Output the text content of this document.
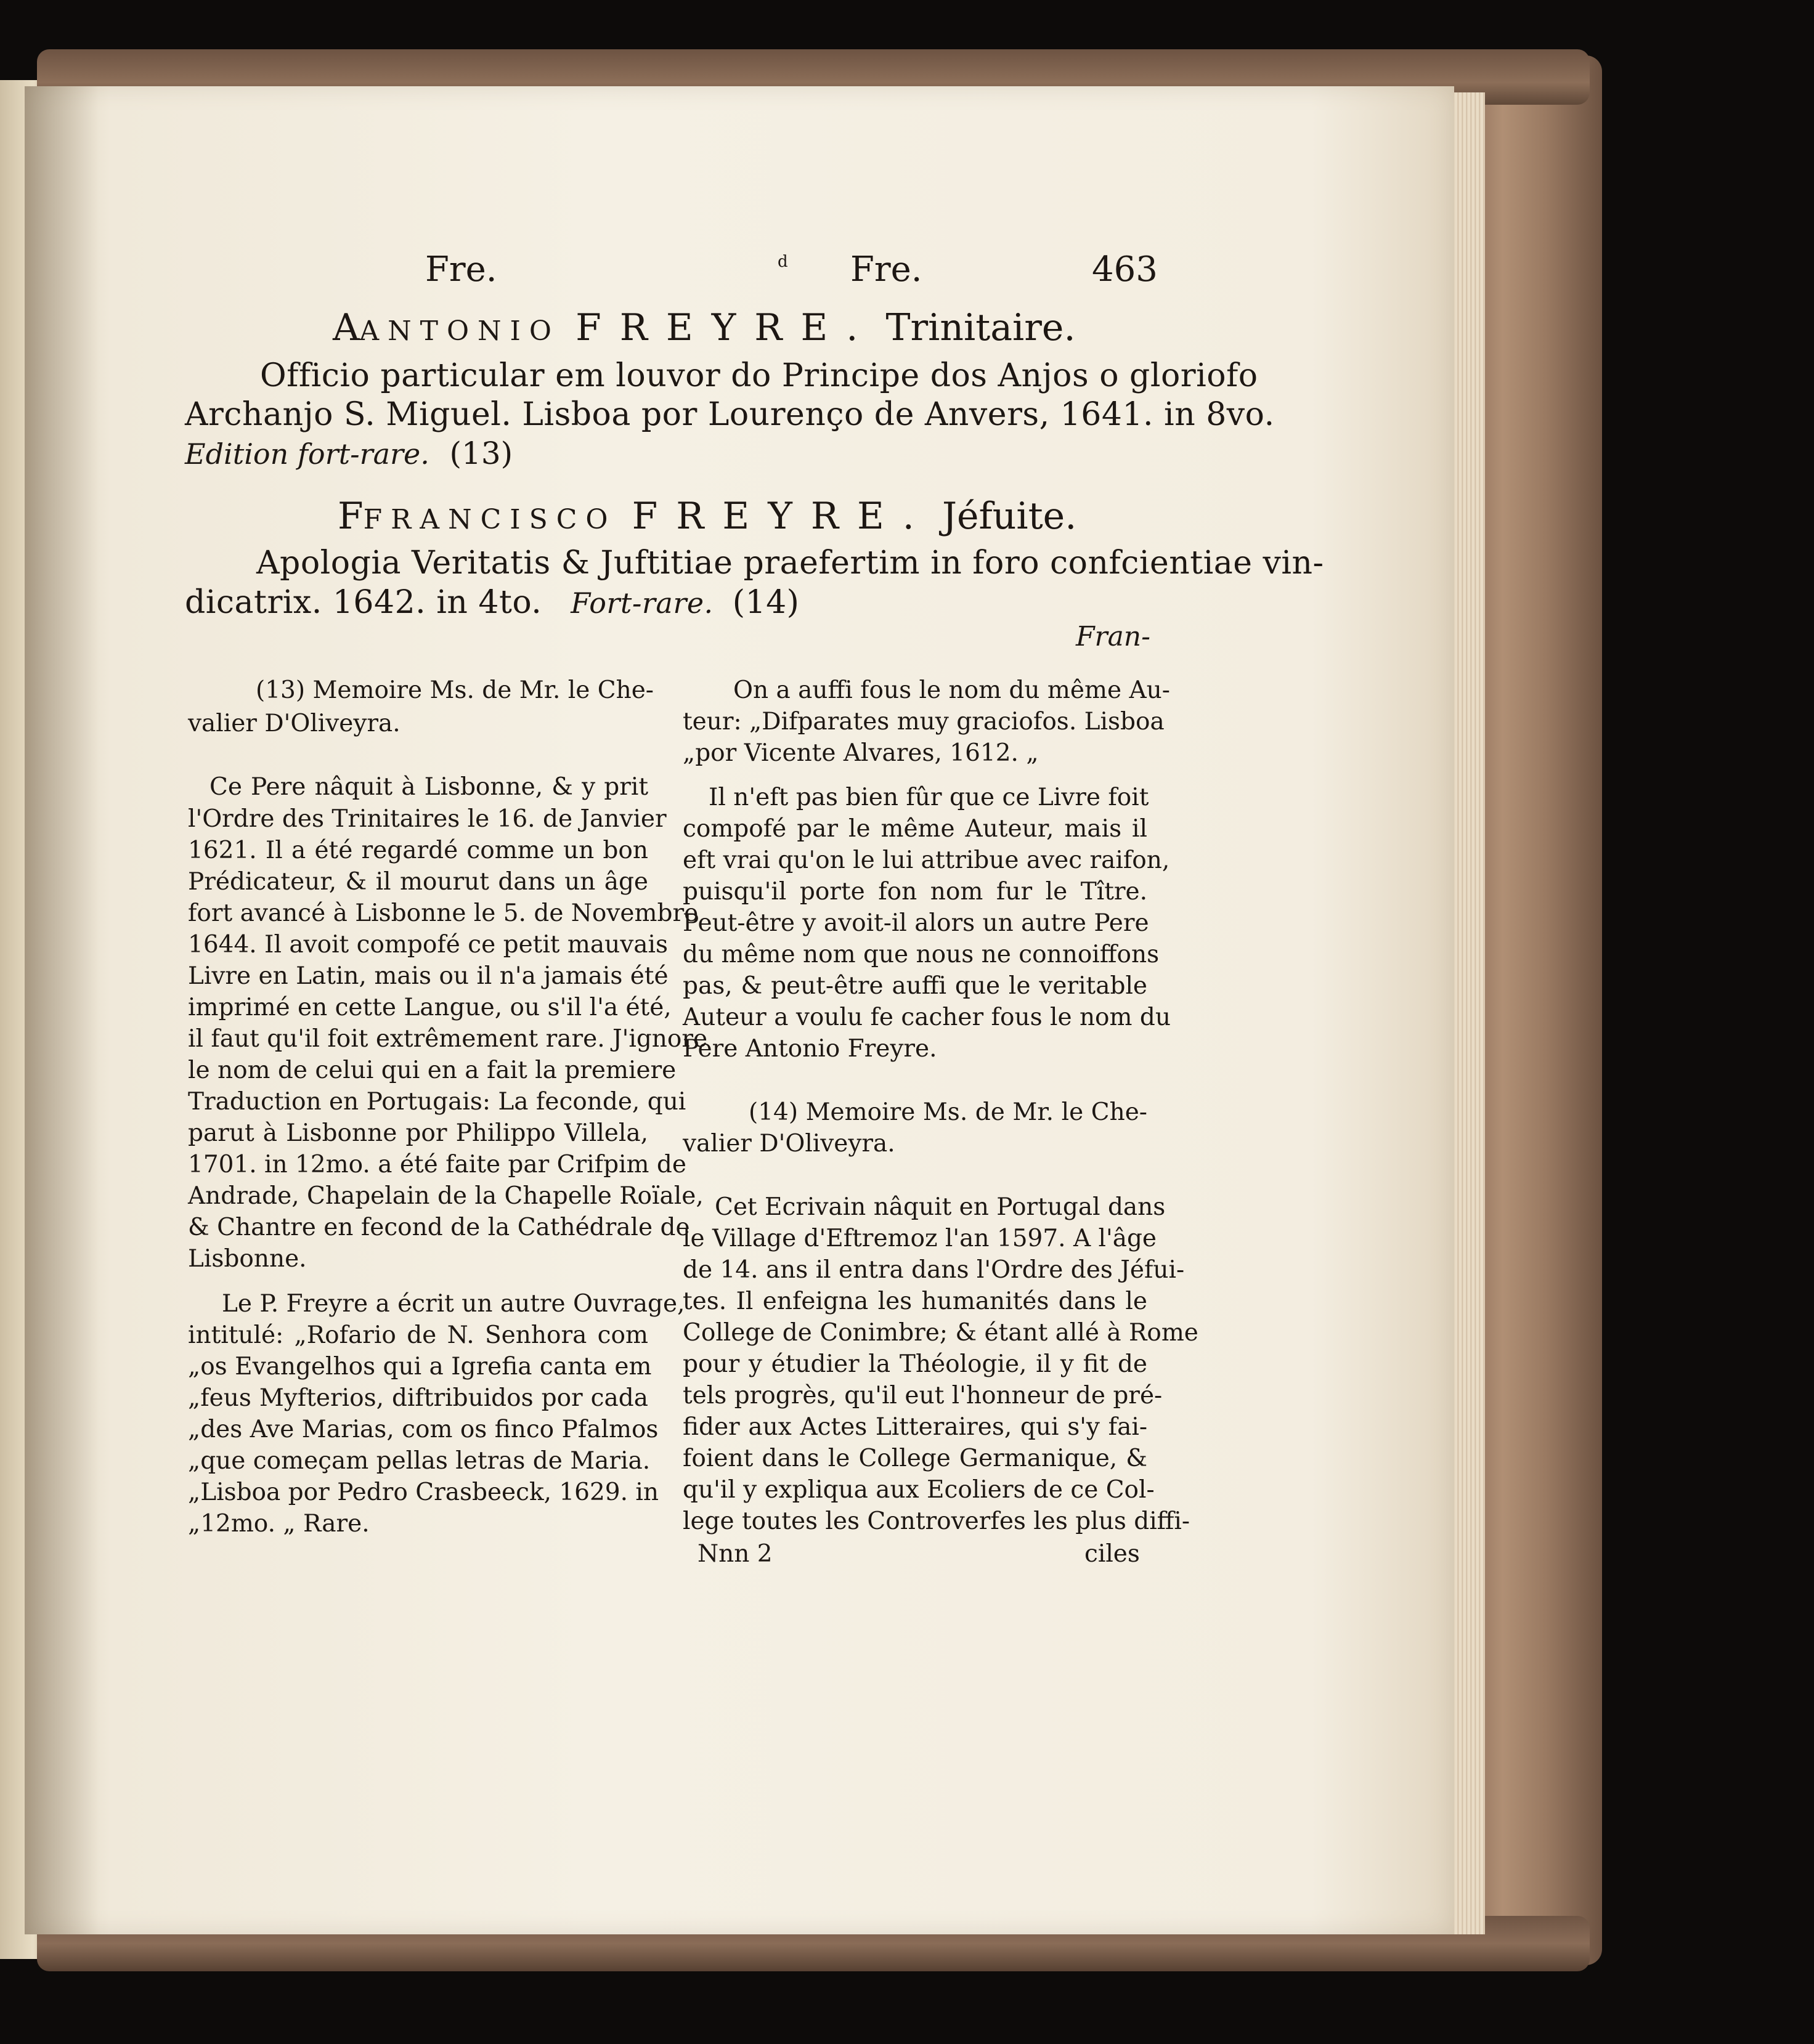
Fre.	d Fre.	463
AANTONIO FREYRE. Trinitaire.
Officio particular em louvor do Principe dos Anjos o gloriofo
Archanjo S. Miguel. Lisboa por Lourenço de Anvers, 1641. in 8vo.
Edition fort-rare. (13)
FFRANCISCO FREYRE. Jéfuite.
Apologia Veritatis & Juftitiae praefertim in foro confcientiae vin-
dicatrix. 1642. in 4to. Fort-rare. (14)
Fran-
(13) Memoire Ms. de Mr. le Che-
valier D'Oliveyra.
Ce Pere nâquit à Lisbonne, & y prit
l'Ordre des Trinitaires le 16. de Janvier
1621. Il a été regardé comme un bon
Prédicateur, & il mourut dans un âge
fort avancé à Lisbonne le 5. de Novembre
1644. Il avoit compofé ce petit mauvais
Livre en Latin, mais ou il n'a jamais été
imprimé en cette Langue, ou s'il l'a été,
il faut qu'il foit extrêmement rare. J'ignore
le nom de celui qui en a fait la premiere
Traduction en Portugais: La feconde, qui
parut à Lisbonne por Philippo Villela,
1701. in 12mo. a été faite par Crifpim de
Andrade, Chapelain de la Chapelle Roïale,
& Chantre en fecond de la Cathédrale de
Lisbonne.
Le P. Freyre a écrit un autre Ouvrage,
intitulé: „Rofario de N. Senhora com
„os Evangelhos qui a Igrefia canta em
„feus Myfterios, diftribuidos por cada
„des Ave Marias, com os finco Pfalmos
„que começam pellas letras de Maria.
„Lisboa por Pedro Crasbeeck, 1629. in
„12mo. „ Rare.
On a auffi fous le nom du même Au-
teur: „Difparates muy graciofos. Lisboa
„por Vicente Alvares, 1612. „
Il n'eft pas bien fûr que ce Livre foit
compofé par le même Auteur, mais il
eft vrai qu'on le lui attribue avec raifon,
puisqu'il porte fon nom fur le Tître.
Peut-être y avoit-il alors un autre Pere
du même nom que nous ne connoiffons
pas, & peut-être auffi que le veritable
Auteur a voulu fe cacher fous le nom du
Pere Antonio Freyre.
(14) Memoire Ms. de Mr. le Che-
valier D'Oliveyra.
Cet Ecrivain nâquit en Portugal dans
le Village d'Eftremoz l'an 1597. A l'âge
de 14. ans il entra dans l'Ordre des Jéfui-
tes. Il enfeigna les humanités dans le
College de Conimbre; & étant allé à Rome
pour y étudier la Théologie, il y fit de
tels progrès, qu'il eut l'honneur de pré-
fider aux Actes Litteraires, qui s'y fai-
foient dans le College Germanique, &
qu'il y expliqua aux Ecoliers de ce Col-
lege toutes les Controverfes les plus diffi-
Nnn 2	ciles
